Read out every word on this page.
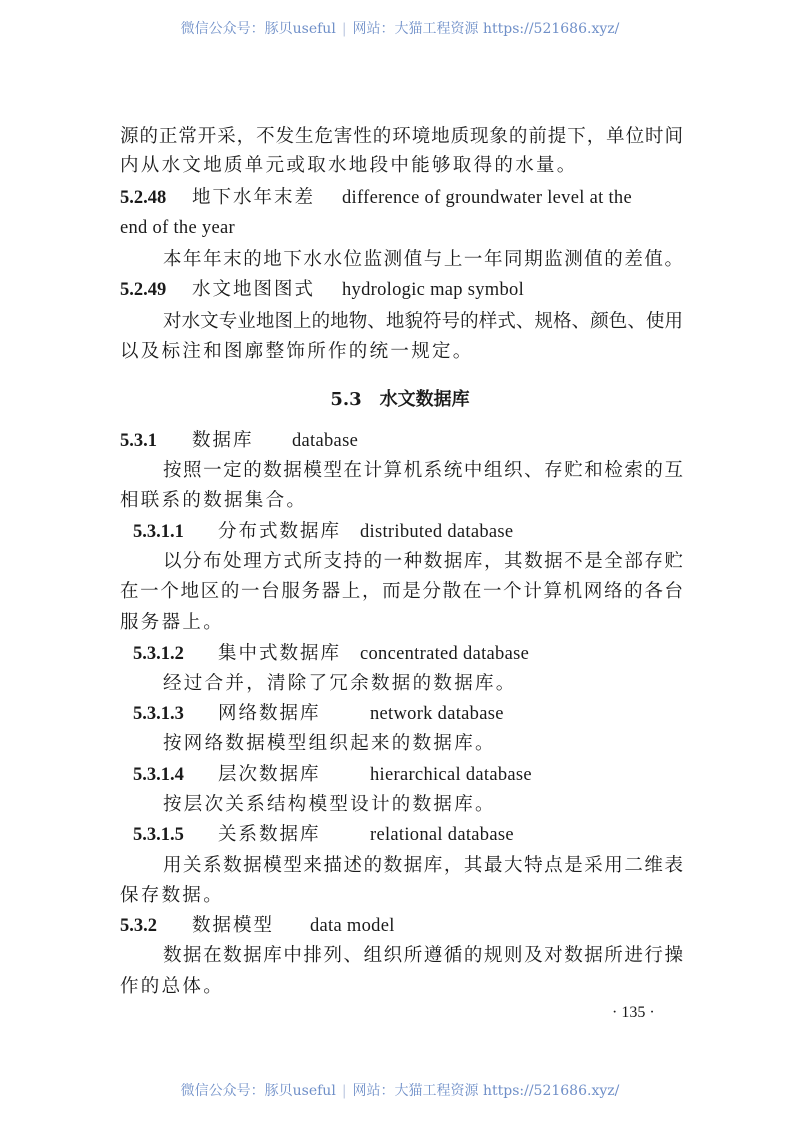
微信公众号：豚贝useful | 网站：大猫工程资源 https://521686.xyz/
源的正常开采，不发生危害性的环境地质现象的前提下，单位时间
内从水文地质单元或取水地段中能够取得的水量。
5.2.48 地下水年末差 difference of groundwater level at the
end of the year
本年年末的地下水水位监测值与上一年同期监测值的差值。
5.2.49 水文地图图式 hydrologic map symbol
对水文专业地图上的地物、地貌符号的样式、规格、颜色、使用
以及标注和图廓整饰所作的统一规定。
5.3　水文数据库
5.3.1 数据库 database
按照一定的数据模型在计算机系统中组织、存贮和检索的互
相联系的数据集合。
5.3.1.1 分布式数据库 distributed database
以分布处理方式所支持的一种数据库，其数据不是全部存贮
在一个地区的一台服务器上，而是分散在一个计算机网络的各台
服务器上。
5.3.1.2 集中式数据库 concentrated database
经过合并，清除了冗余数据的数据库。
5.3.1.3 网络数据库	network database
按网络数据模型组织起来的数据库。
5.3.1.4 层次数据库	hierarchical database
按层次关系结构模型设计的数据库。
5.3.1.5 关系数据库	relational database
用关系数据模型来描述的数据库，其最大特点是采用二维表
保存数据。
5.3.2 数据模型 data model
数据在数据库中排列、组织所遵循的规则及对数据所进行操
作的总体。
· 135 ·
微信公众号：豚贝useful | 网站：大猫工程资源 https://521686.xyz/
